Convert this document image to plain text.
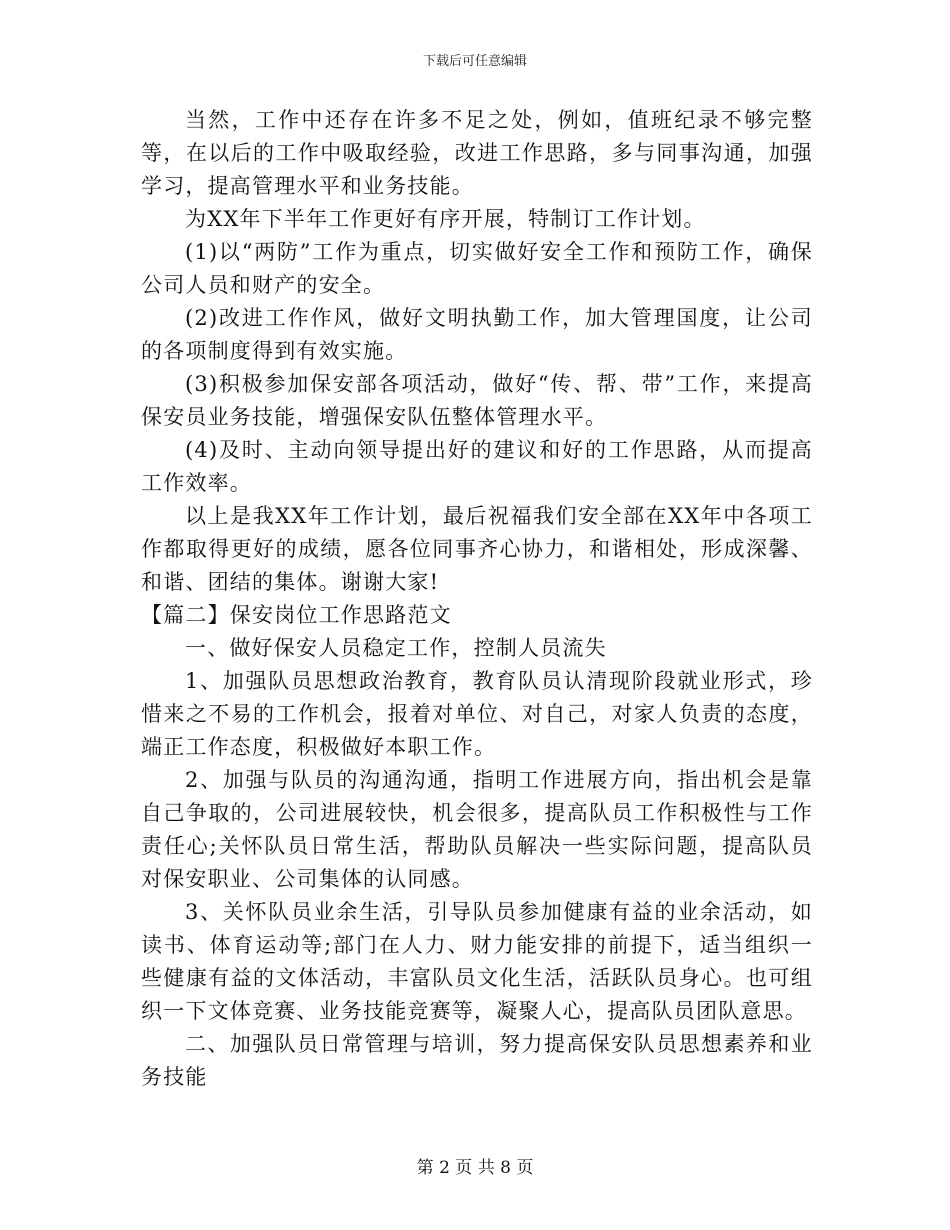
下载后可任意编辑

当然，工作中还存在许多不足之处，例如，值班纪录不够完整等，在以后的工作中吸取经验，改进工作思路，多与同事沟通，加强学习，提高管理水平和业务技能。

为XX年下半年工作更好有序开展，特制订工作计划。

(1)以“两防”工作为重点，切实做好安全工作和预防工作，确保公司人员和财产的安全。

(2)改进工作作风，做好文明执勤工作，加大管理国度，让公司的各项制度得到有效实施。

(3)积极参加保安部各项活动，做好“传、帮、带”工作，来提高保安员业务技能，增强保安队伍整体管理水平。

(4)及时、主动向领导提出好的建议和好的工作思路，从而提高工作效率。

以上是我XX年工作计划，最后祝福我们安全部在XX年中各项工作都取得更好的成绩，愿各位同事齐心协力，和谐相处，形成深馨、和谐、团结的集体。谢谢大家!

【篇二】保安岗位工作思路范文

一、做好保安人员稳定工作，控制人员流失

1、加强队员思想政治教育，教育队员认清现阶段就业形式，珍惜来之不易的工作机会，报着对单位、对自己，对家人负责的态度，端正工作态度，积极做好本职工作。

2、加强与队员的沟通沟通，指明工作进展方向，指出机会是靠自己争取的，公司进展较快，机会很多，提高队员工作积极性与工作责任心;关怀队员日常生活，帮助队员解决一些实际问题，提高队员对保安职业、公司集体的认同感。

3、关怀队员业余生活，引导队员参加健康有益的业余活动，如读书、体育运动等;部门在人力、财力能安排的前提下，适当组织一些健康有益的文体活动，丰富队员文化生活，活跃队员身心。也可组织一下文体竞赛、业务技能竞赛等，凝聚人心，提高队员团队意思。

二、加强队员日常管理与培训，努力提高保安队员思想素养和业务技能

第 2 页 共 8 页
